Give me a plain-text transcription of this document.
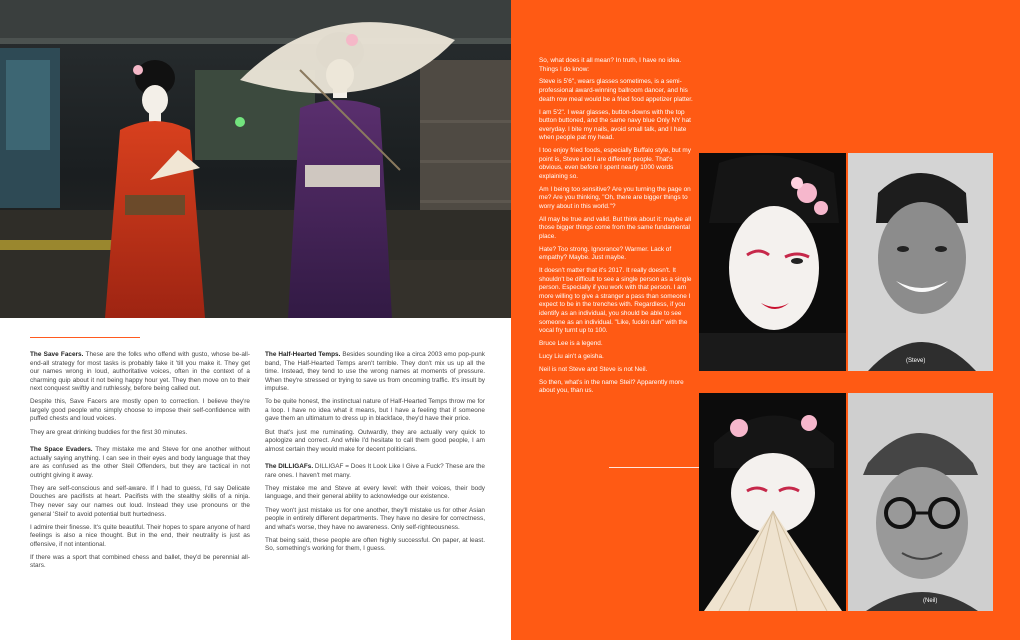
The Save Facers. These are the folks who offend with gusto, whose be-all-end-all strategy for most tasks is probably fake it 'till you make it. They get our names wrong in loud, authoritative voices, often in the context of a charming quip about it not being happy hour yet. They then move on to their next conquest swiftly and ruthlessly, before being called out.

Despite this, Save Facers are mostly open to correction. I believe they're largely good people who simply choose to impose their self-confidence with puffed chests and loud voices.

They are great drinking buddies for the first 30 minutes.

The Space Evaders. They mistake me and Steve for one another without actually saying anything. I can see in their eyes and body language that they are as confused as the other Steil Offenders, but they are tactical in not outright giving it away.

They are self-conscious and self-aware. If I had to guess, I'd say Delicate Douches are pacifists at heart. Pacifists with the stealthy skills of a ninja. They never say our names out loud. Instead they use pronouns or the general 'Steil' to avoid potential butt hurtedness.

I admire their finesse. It's quite beautiful. Their hopes to spare anyone of hard feelings is also a nice thought. But in the end, their neutrality is just as offensive, if not intentional.

If there was a sport that combined chess and ballet, they'd be perennial all-stars.

The Half-Hearted Temps. Besides sounding like a circa 2003 emo pop-punk band, The Half-Hearted Temps aren't terrible. They don't mix us up all the time. Instead, they tend to use the wrong names at moments of pressure. When they're stressed or trying to save us from oncoming traffic. It's insult by impulse.

To be quite honest, the instinctual nature of Half-Hearted Temps throw me for a loop. I have no idea what it means, but I have a feeling that if someone gave them an ultimatum to dress up in blackface, they'd have their price.

But that's just me ruminating. Outwardly, they are actually very quick to apologize and correct. And while I'd hesitate to call them good people, I am almost certain they would make for decent politicians.

The DILLIGAFs. DILLIGAF = Does It Look Like I Give a Fuck? These are the rare ones. I haven't met many.

They mistake me and Steve at every level: with their voices, their body language, and their general ability to acknowledge our existence.

They won't just mistake us for one another, they'll mistake us for other Asian people in entirely different departments. They have no desire for correctness, and what's worse, they have no awareness. Only self-righteousness.

That being said, these people are often highly successful. On paper, at least. So, something's working for them, I guess.

So, what does it all mean? In truth, I have no idea. Things I do know:

Steve is 5'6", wears glasses sometimes, is a semi-professional award-winning ballroom dancer, and his death row meal would be a fried food appetizer platter.

I am 5'2". I wear glasses, button-downs with the top button buttoned, and the same navy blue Only NY hat everyday. I bite my nails, avoid small talk, and I hate when people pat my head.

I too enjoy fried foods, especially Buffalo style, but my point is, Steve and I are different people. That's obvious, even before I spent nearly 1000 words explaining so.

Am I being too sensitive? Are you turning the page on me? Are you thinking, "Oh, there are bigger things to worry about in this world."?

All may be true and valid. But think about it: maybe all those bigger things come from the same fundamental place.

Hate? Too strong. Ignorance? Warmer. Lack of empathy? Maybe. Just maybe.

It doesn't matter that it's 2017. It really doesn't. It shouldn't be difficult to see a single person as a single person. Especially if you work with that person. I am more willing to give a stranger a pass than someone I expect to be in the trenches with. Regardless, if you identify as an individual, you should be able to see someone as an individual. "Like, fuckin duh" with the vocal fry turnt up to 100.

Bruce Lee is a legend.

Lucy Liu ain't a geisha.

Neil is not Steve and Steve is not Neil.

So then, what's in the name Steil? Apparently more about you, than us.

(Steve)
(Neil)
